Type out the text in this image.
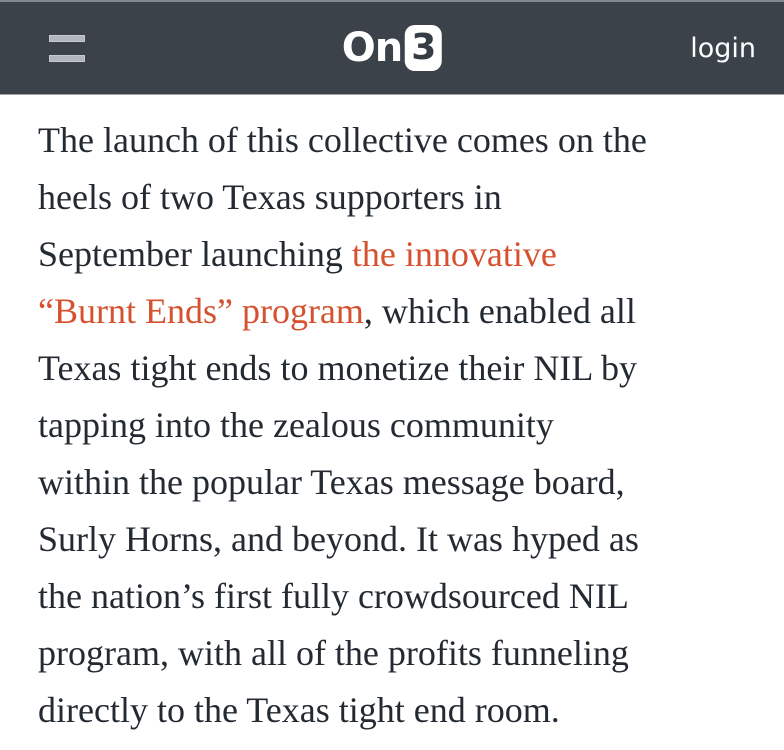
On 3	login

The launch of this collective comes on the
heels of two Texas supporters in
September launching the innovative
“Burnt Ends” program, which enabled all
Texas tight ends to monetize their NIL by
tapping into the zealous community
within the popular Texas message board,
Surly Horns, and beyond. It was hyped as
the nation’s first fully crowdsourced NIL
program, with all of the profits funneling
directly to the Texas tight end room.
